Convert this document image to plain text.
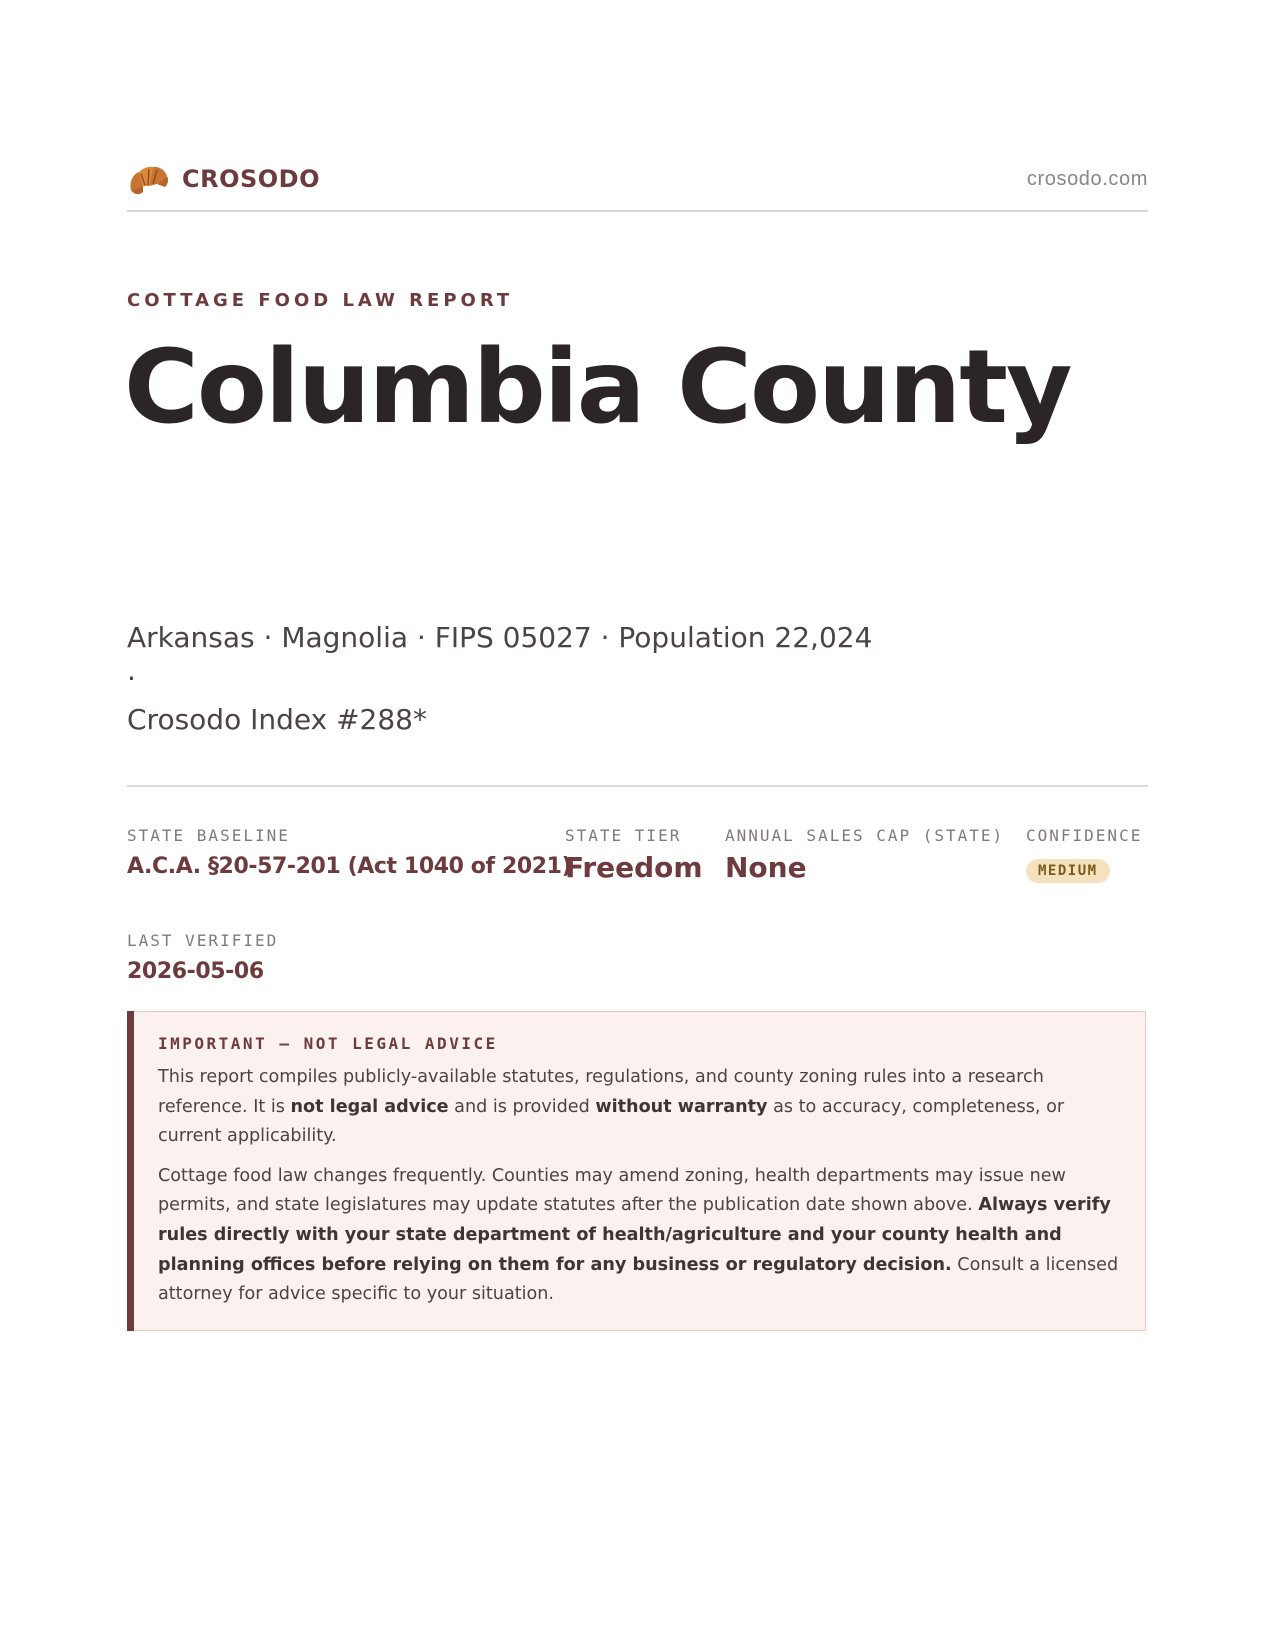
CROSODO	crosodo.com
COTTAGE FOOD LAW REPORT
Columbia County
Arkansas · Magnolia · FIPS 05027 · Population 22,024 ·
Crosodo Index #288*
STATE BASELINE
A.C.A. §20-57-201 (Act 1040 of 2021)
STATE TIER
Freedom
ANNUAL SALES CAP (STATE)
None
CONFIDENCE
MEDIUM
LAST VERIFIED
2026-05-06
IMPORTANT — NOT LEGAL ADVICE

This report compiles publicly-available statutes, regulations, and county zoning rules into a research reference. It is not legal advice and is provided without warranty as to accuracy, completeness, or current applicability.

Cottage food law changes frequently. Counties may amend zoning, health departments may issue new permits, and state legislatures may update statutes after the publication date shown above. Always verify rules directly with your state department of health/agriculture and your county health and planning offices before relying on them for any business or regulatory decision. Consult a licensed attorney for advice specific to your situation.
